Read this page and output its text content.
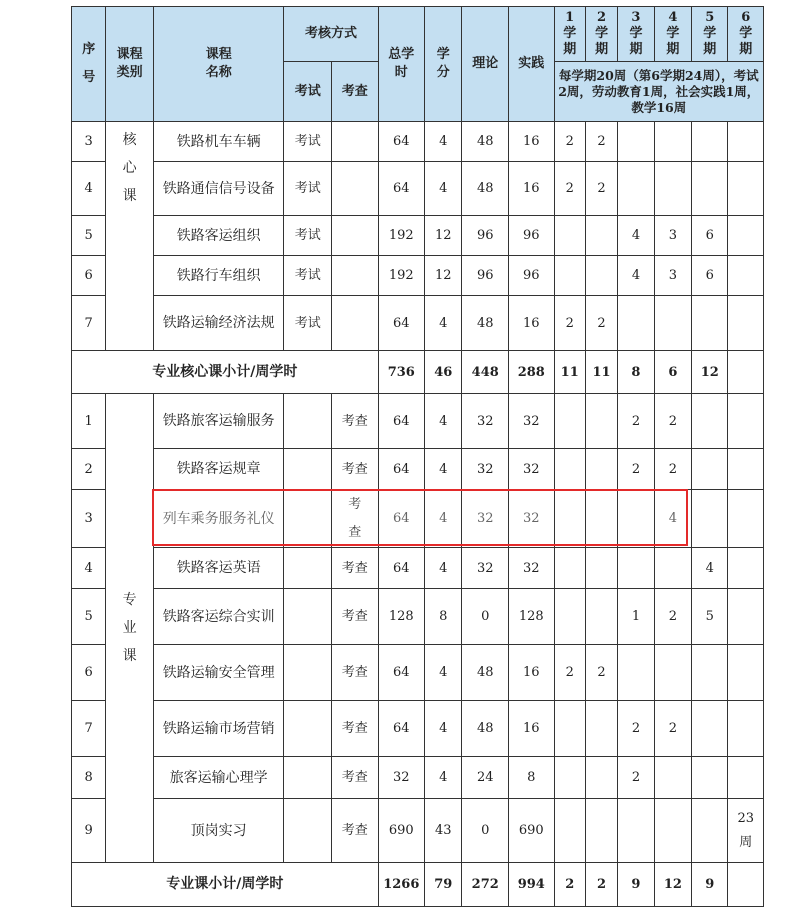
序号	课程类别	课程名称	考核方式		总学时	学分	理论	实践	1学期	2学期	3学期	4学期	5学期	6学期
			考试	考查					每学期20周（第6学期24周），考试2周，劳动教育1周，社会实践1周，教学16周					
3	核心课	铁路机车车辆	考试		64	4	48	16	2	2				
4		铁路通信信号设备	考试		64	4	48	16	2	2				
5		铁路客运组织	考试		192	12	96	96			4	3	6	
6		铁路行车组织	考试		192	12	96	96			4	3	6	
7		铁路运输经济法规	考试		64	4	48	16	2	2				
专业核心课小计/周学时					736	46	448	288	11	11	8	6	12	
1	专业课	铁路旅客运输服务		考查	64	4	32	32			2	2		
2		铁路客运规章		考查	64	4	32	32			2	2		
3		列车乘务服务礼仪		考查	64	4	32	32				4		
4		铁路客运英语		考查	64	4	32	32					4	
5		铁路客运综合实训		考查	128	8	0	128			1	2	5	
6		铁路运输安全管理		考查	64	4	48	16	2	2				
7		铁路运输市场营销		考查	64	4	48	16			2	2		
8		旅客运输心理学		考查	32	4	24	8			2			
9		顶岗实习		考查	690	43	0	690						23周
专业课小计/周学时					1266	79	272	994	2	2	9	12	9	
